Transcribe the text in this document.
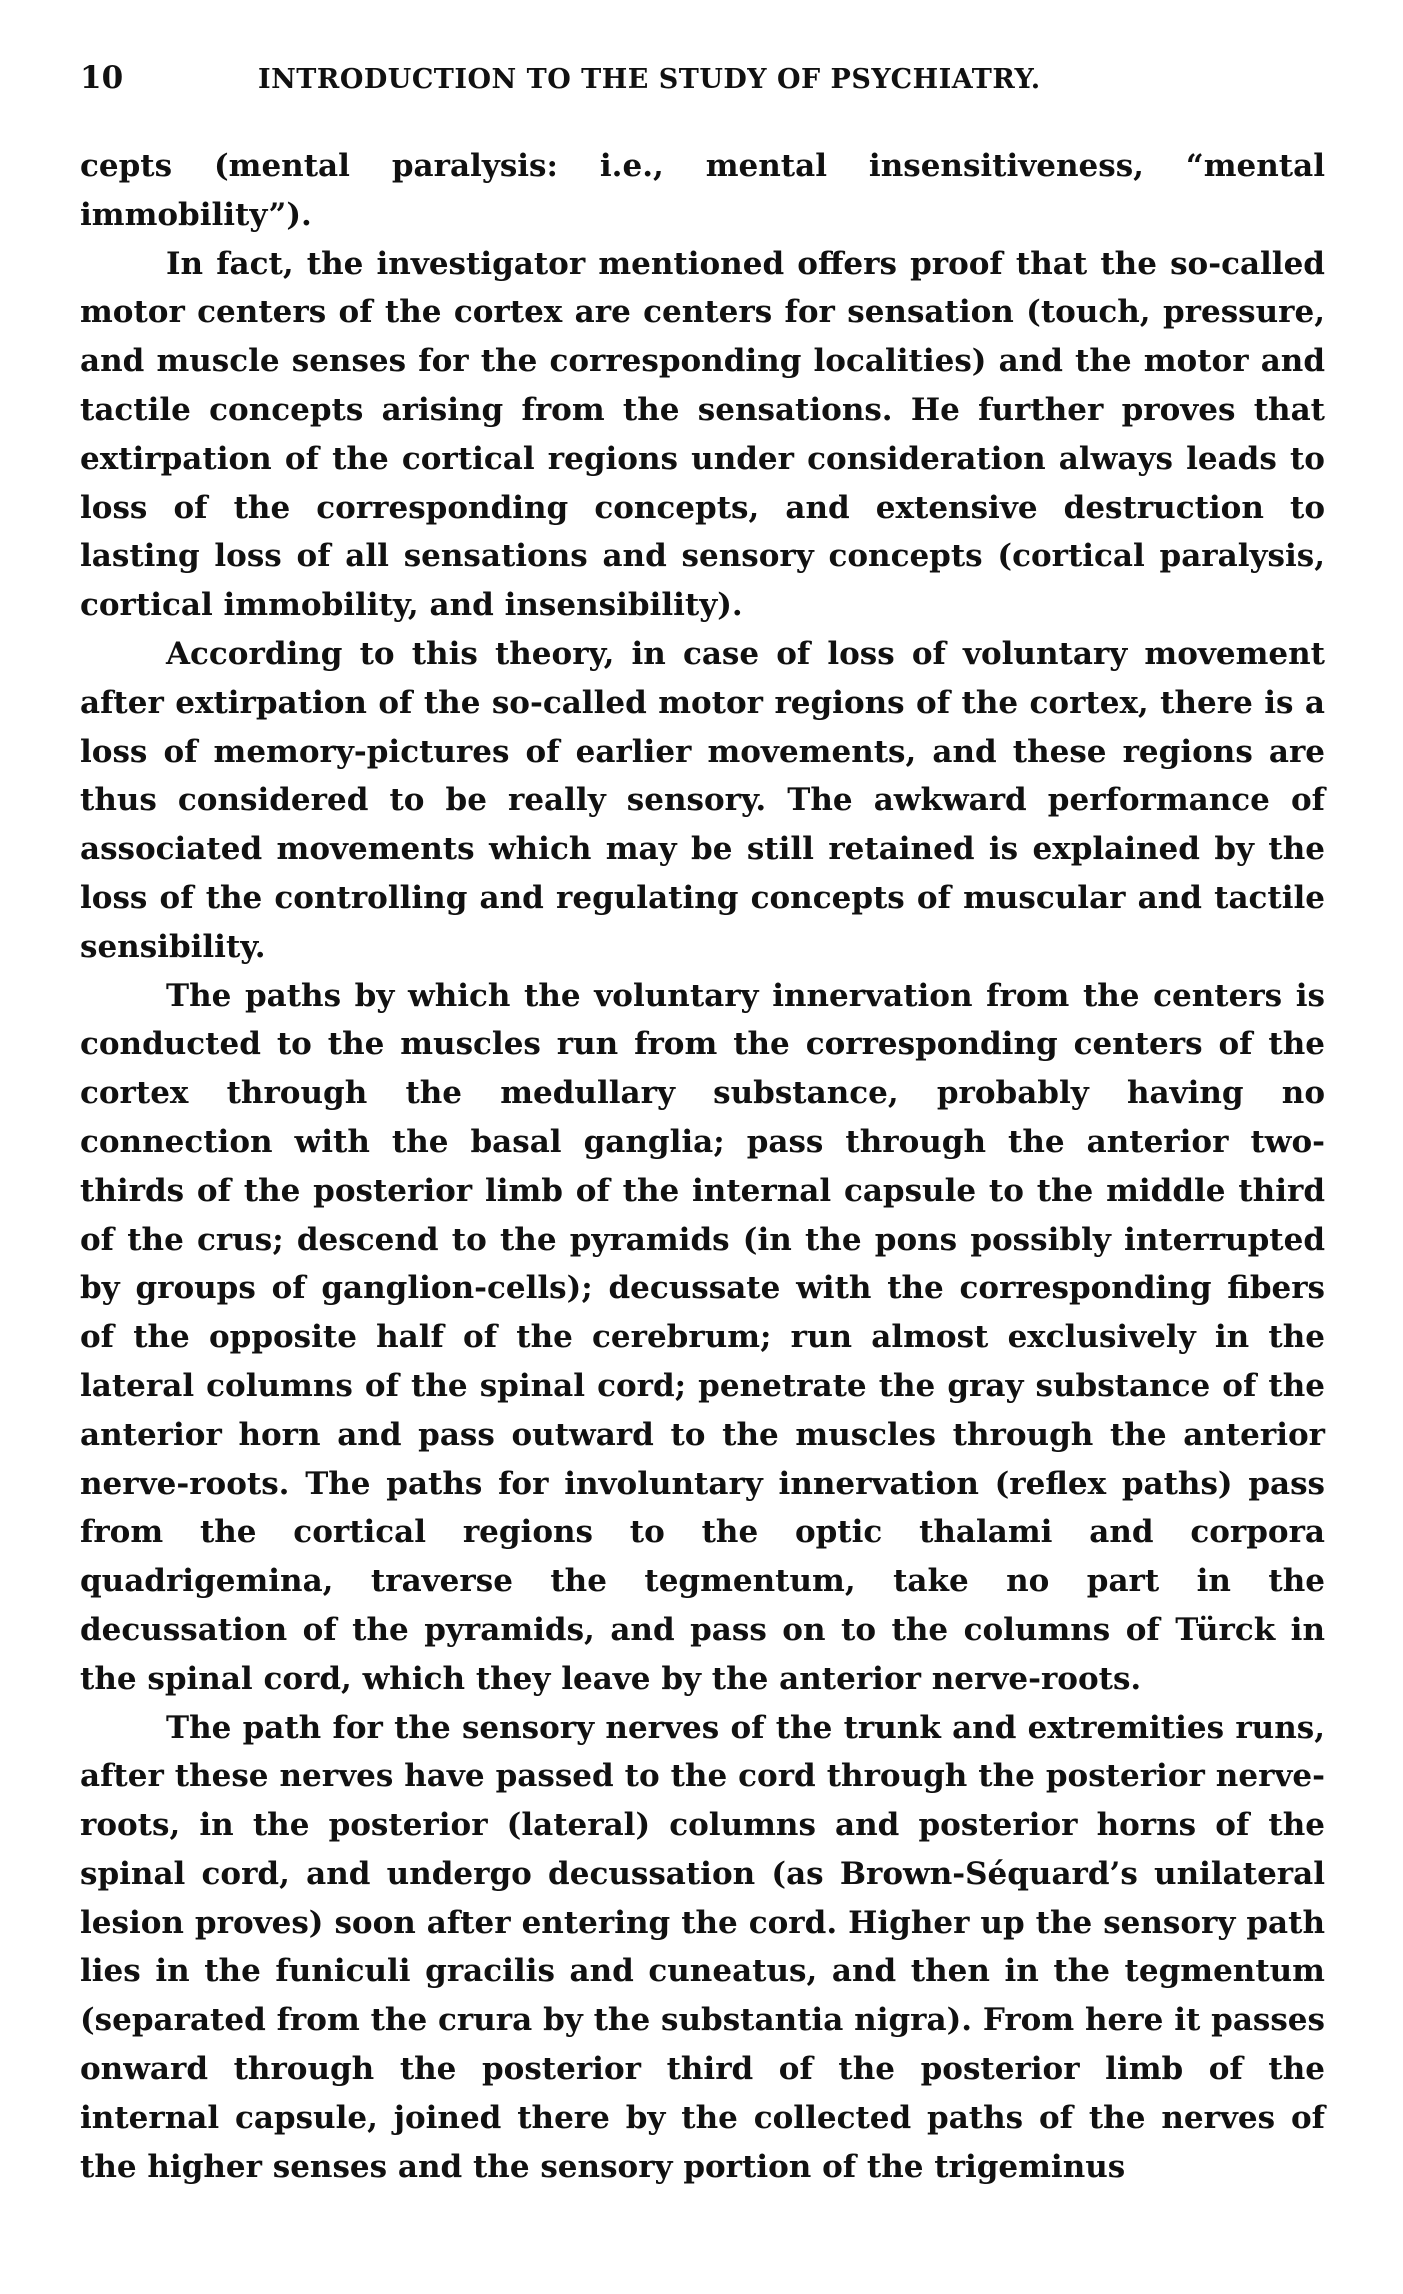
10	INTRODUCTION TO THE STUDY OF PSYCHIATRY.

cepts (mental paralysis: i.e., mental insensitiveness, “mental immobility”).

In fact, the investigator mentioned offers proof that the so-called motor centers of the cortex are centers for sensation (touch, pressure, and muscle senses for the corresponding localities) and the motor and tactile concepts arising from the sensations. He further proves that extirpation of the cortical regions under consideration always leads to loss of the corresponding concepts, and extensive destruction to lasting loss of all sensations and sensory concepts (cortical paralysis, cortical immobility, and insensibility).

According to this theory, in case of loss of voluntary movement after extirpation of the so-called motor regions of the cortex, there is a loss of memory-pictures of earlier movements, and these regions are thus considered to be really sensory. The awkward performance of associated movements which may be still retained is explained by the loss of the controlling and regulating concepts of muscular and tactile sensibility.

The paths by which the voluntary innervation from the centers is conducted to the muscles run from the corresponding centers of the cortex through the medullary substance, probably having no connection with the basal ganglia; pass through the anterior two-thirds of the posterior limb of the internal capsule to the middle third of the crus; descend to the pyramids (in the pons possibly interrupted by groups of ganglion-cells); decussate with the corresponding fibers of the opposite half of the cerebrum; run almost exclusively in the lateral columns of the spinal cord; penetrate the gray substance of the anterior horn and pass outward to the muscles through the anterior nerve-roots. The paths for involuntary innervation (reflex paths) pass from the cortical regions to the optic thalami and corpora quadrigemina, traverse the tegmentum, take no part in the decussation of the pyramids, and pass on to the columns of Türck in the spinal cord, which they leave by the anterior nerve-roots.

The path for the sensory nerves of the trunk and extremities runs, after these nerves have passed to the cord through the posterior nerve-roots, in the posterior (lateral) columns and posterior horns of the spinal cord, and undergo decussation (as Brown-Séquard’s unilateral lesion proves) soon after entering the cord. Higher up the sensory path lies in the funiculi gracilis and cuneatus, and then in the tegmentum (separated from the crura by the substantia nigra). From here it passes onward through the posterior third of the posterior limb of the internal capsule, joined there by the collected paths of the nerves of the higher senses and the sensory portion of the trigeminus
